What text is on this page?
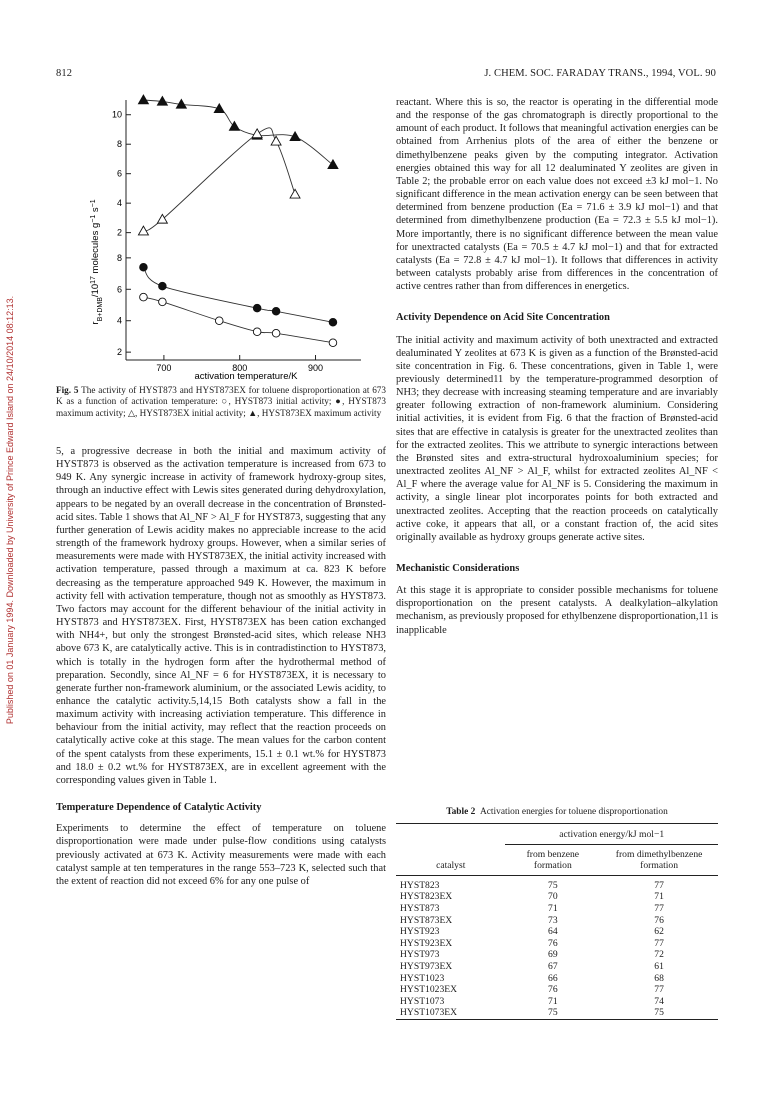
812	J. CHEM. SOC. FARADAY TRANS., 1994, VOL. 90
Published on 01 January 1994. Downloaded by University of Prince Edward Island on 24/10/2014 08:12:13.
2
4
6
8
10
2
4
6
8
700	800	900
$r_{B+DMB}/10^{17}$ molecules $g^{-1}$ $s^{-1}$
activation temperature/K
Fig. 5 The activity of HYST873 and HYST873EX for toluene disproportionation at 673 K as a function of activation temperature: ○, HYST873 initial activity; ●, HYST873 maximum activity; △, HYST873EX initial activity; ▲, HYST873EX maximum activity

5, a progressive decrease in both the initial and maximum activity of HYST873 is observed as the activation temperature is increased from 673 to 949 K. Any synergic increase in activity of framework hydroxy-group sites, through an inductive effect with Lewis sites generated during dehydroxylation, appears to be negated by an overall decrease in the concentration of Brønsted-acid sites. Table 1 shows that Al_NF > Al_F for HYST873, suggesting that any further generation of Lewis acidity makes no appreciable increase to the acid strength of the framework hydroxy groups. However, when a similar series of measurements were made with HYST873EX, the initial activity increased with activation temperature, passed through a maximum at ca. 823 K before decreasing as the temperature approached 949 K. However, the maximum in activity fell with activation temperature, though not as smoothly as HYST873. Two factors may account for the different behaviour of the initial activity in HYST873 and HYST873EX. First, HYST873EX has been cation exchanged with NH4+, but only the strongest Brønsted-acid sites, which release NH3 above 673 K, are catalytically active. This is in contradistinction to HYST873, which is totally in the hydrogen form after the hydrothermal method of preparation. Secondly, since Al_NF = 6 for HYST873EX, it is necessary to generate further non-framework aluminium, or the associated Lewis acidity, to enhance the catalytic activity.5,14,15 Both catalysts show a fall in the maximum activity with increasing activiation temperature. This difference in behaviour from the initial activity, may reflect that the reaction proceeds on catalytically active coke at this stage. The mean values for the carbon content of the spent catalysts from these experiments, 15.1 ± 0.1 wt.% for HYST873 and 18.0 ± 0.2 wt.% for HYST873EX, are in excellent agreement with the corresponding values given in Table 1.

Temperature Dependence of Catalytic Activity

Experiments to determine the effect of temperature on toluene disproportionation were made under pulse-flow conditions using catalysts previously activated at 673 K. Activity measurements were made with each catalyst sample at ten temperatures in the range 553–723 K, selected such that the extent of reaction did not exceed 6% for any one pulse of

reactant. Where this is so, the reactor is operating in the differential mode and the response of the gas chromatograph is directly proportional to the amount of each product. It follows that meaningful activation energies can be obtained from Arrhenius plots of the area of either the benzene or dimethylbenzene peaks given by the computing integrator. Activation energies obtained this way for all 12 dealuminated Y zeolites are given in Table 2; the probable error on each value does not exceed ±3 kJ mol−1. No significant difference in the mean activation energy can be seen between that determined from benzene production (Ea = 71.6 ± 3.9 kJ mol−1) and that determined from dimethylbenzene production (Ea = 72.3 ± 5.5 kJ mol−1). More importantly, there is no significant difference between the mean value for unextracted catalysts (Ea = 70.5 ± 4.7 kJ mol−1) and that for extracted catalysts (Ea = 72.8 ± 4.7 kJ mol−1). It follows that differences in activity between catalysts probably arise from differences in the concentration of active centres rather than from differences in energetics.

Activity Dependence on Acid Site Concentration

The initial activity and maximum activity of both unextracted and extracted dealuminated Y zeolites at 673 K is given as a function of the Brønsted-acid site concentration in Fig. 6. These concentrations, given in Table 1, were previously determined11 by the temperature-programmed desorption of NH3; they decrease with increasing steaming temperature and are invariably greater following extraction of non-framework aluminium. Considering initial activities, it is evident from Fig. 6 that the fraction of Brønsted-acid sites that are effective in catalysis is greater for the unextracted zeolites than for the extracted zeolites. This we attribute to synergic interactions between the Brønsted sites and extra-structural hydroxoaluminium species; for unextracted zeolites Al_NF > Al_F, whilst for extracted zeolites Al_NF < Al_F where the average value for Al_NF is 5. Considering the maximum in activity, a single linear plot incorporates points for both extracted and unextracted zeolites. Accepting that the reaction proceeds on catalytically active coke, it appears that all, or a constant fraction of, the acid sites originally available as hydroxy groups generate active sites.

Mechanistic Considerations

At this stage it is appropriate to consider possible mechanisms for toluene disproportionation on the present catalysts. A dealkylation–alkylation mechanism, as previously proposed for ethylbenzene disproportionation,11 is inapplicable

Table 2 Activation energies for toluene disproportionation
	activation energy/kJ mol−1	
catalyst	from benzene formation	from dimethylbenzene formation
HYST823	75	77
HYST823EX	70	71
HYST873	71	77
HYST873EX	73	76
HYST923	64	62
HYST923EX	76	77
HYST973	69	72
HYST973EX	67	61
HYST1023	66	68
HYST1023EX	76	77
HYST1073	71	74
HYST1073EX	75	75
